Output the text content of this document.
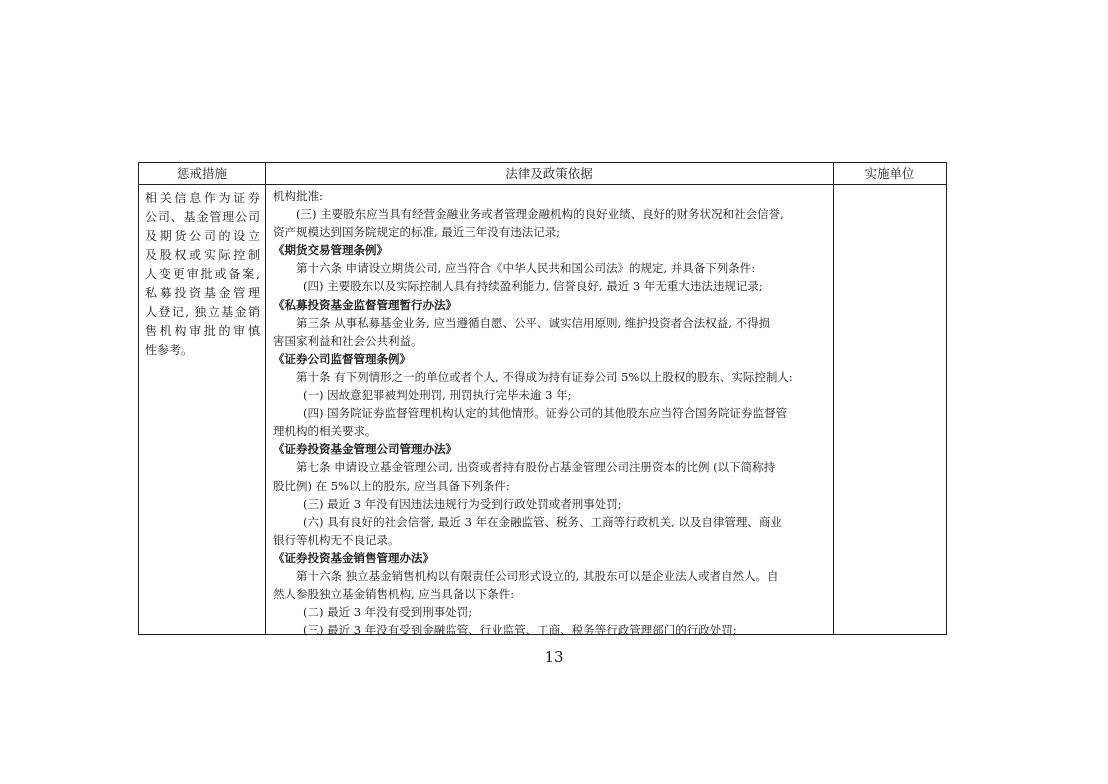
惩戒措施	法律及政策依据	实施单位
相关信息作为证券
公司、基金管理公司
及期货公司的设立
及股权或实际控制
人变更审批或备案,
私募投资基金管理
人登记, 独立基金销
售机构审批的审慎
性参考。
机构批准:
(三) 主要股东应当具有经营金融业务或者管理金融机构的良好业绩、良好的财务状况和社会信誉,
资产规模达到国务院规定的标准, 最近三年没有违法记录;
《期货交易管理条例》
第十六条 申请设立期货公司, 应当符合《中华人民共和国公司法》的规定, 并具备下列条件:
(四) 主要股东以及实际控制人具有持续盈利能力, 信誉良好, 最近 3 年无重大违法违规记录;
《私募投资基金监督管理暂行办法》
第三条 从事私募基金业务, 应当遵循自愿、公平、诚实信用原则, 维护投资者合法权益, 不得损
害国家利益和社会公共利益。
《证券公司监督管理条例》
第十条 有下列情形之一的单位或者个人, 不得成为持有证券公司 5%以上股权的股东、实际控制人:
(一) 因故意犯罪被判处刑罚, 刑罚执行完毕未逾 3 年;
(四) 国务院证券监督管理机构认定的其他情形。证券公司的其他股东应当符合国务院证券监督管
理机构的相关要求。
《证券投资基金管理公司管理办法》
第七条 申请设立基金管理公司, 出资或者持有股份占基金管理公司注册资本的比例 (以下简称持
股比例) 在 5%以上的股东, 应当具备下列条件:
(三) 最近 3 年没有因违法违规行为受到行政处罚或者刑事处罚;
(六) 具有良好的社会信誉, 最近 3 年在金融监管、税务、工商等行政机关, 以及自律管理、商业
银行等机构无不良记录。
《证券投资基金销售管理办法》
第十六条 独立基金销售机构以有限责任公司形式设立的, 其股东可以是企业法人或者自然人。自
然人参股独立基金销售机构, 应当具备以下条件:
(二) 最近 3 年没有受到刑事处罚;
(三) 最近 3 年没有受到金融监管、行业监管、工商、税务等行政管理部门的行政处罚;
13
